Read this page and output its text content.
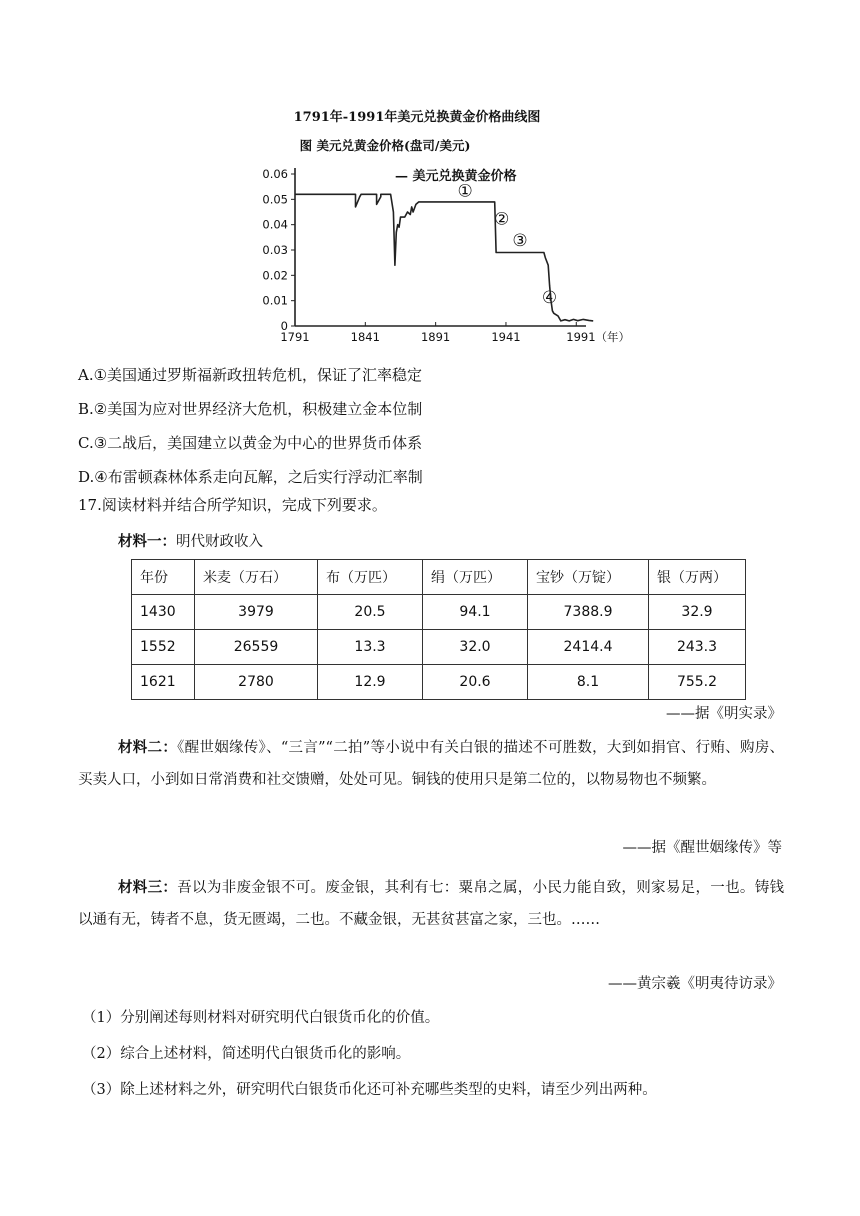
1791年-1991年美元兑换黄金价格曲线图
图 美元兑黄金价格(盘司/美元)
— 美元兑换黄金价格
0.06
0.05
0.04
0.03
0.02
0.01
0
1791	1841	1891	1941	1991（年）
①
②
③
④
A.①美国通过罗斯福新政扭转危机，保证了汇率稳定
B.②美国为应对世界经济大危机，积极建立金本位制
C.③二战后，美国建立以黄金为中心的世界货币体系
D.④布雷顿森林体系走向瓦解，之后实行浮动汇率制
17.阅读材料并结合所学知识，完成下列要求。
材料一：明代财政收入
年份	米麦（万石）	布（万匹）	绢（万匹）	宝钞（万锭）	银（万两）
1430	3979	20.5	94.1	7388.9	32.9
1552	26559	13.3	32.0	2414.4	243.3
1621	2780	12.9	20.6	8.1	755.2
——据《明实录》
材料二：《醒世姻缘传》、“三言”“二拍”等小说中有关白银的描述不可胜数，大到如捐官、行贿、购房、买卖人口，小到如日常消费和社交馈赠，处处可见。铜钱的使用只是第二位的，以物易物也不频繁。
——据《醒世姻缘传》等
材料三：吾以为非废金银不可。废金银，其利有七：粟帛之属，小民力能自致，则家易足，一也。铸钱以通有无，铸者不息，货无匮竭，二也。不藏金银，无甚贫甚富之家，三也。……
——黄宗羲《明夷待访录》
（1）分别阐述每则材料对研究明代白银货币化的价值。
（2）综合上述材料，简述明代白银货币化的影响。
（3）除上述材料之外，研究明代白银货币化还可补充哪些类型的史料，请至少列出两种。
